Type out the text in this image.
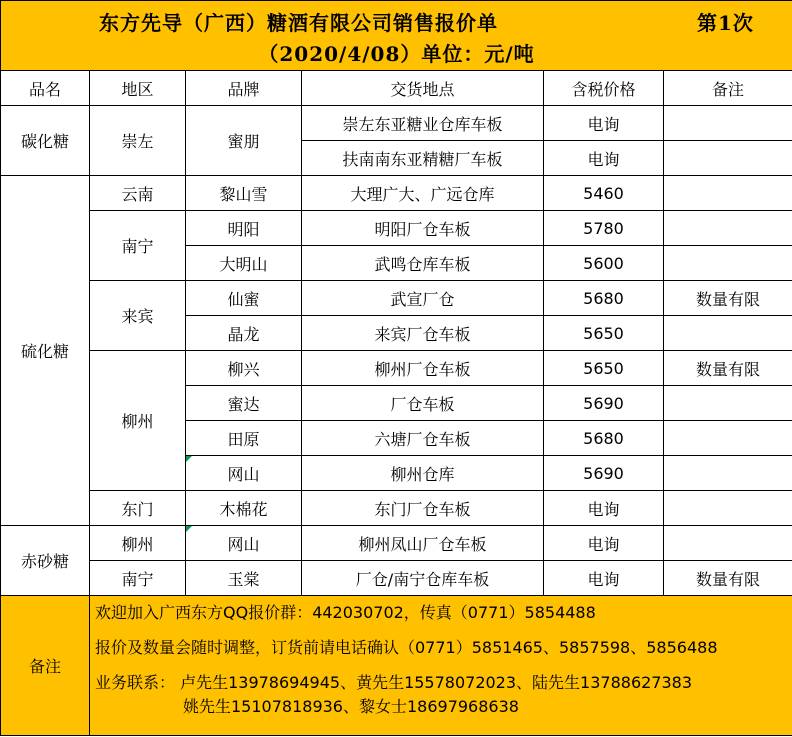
东方先导（广西）糖酒有限公司销售报价单 第1次					

（2020/4/08）单位：元/吨					
品名	地区	品牌	交货地点	含税价格	备注
碳化糖	崇左	蜜朋	崇左东亚糖业仓库车板	电询	
			扶南南东亚精糖厂车板	电询	
硫化糖	云南	黎山雪	大理广大、广远仓库	5460	
	南宁	明阳	明阳厂仓车板	5780	
		大明山	武鸣仓库车板	5600	
	来宾	仙蜜	武宣厂仓	5680	数量有限
		晶龙	来宾厂仓车板	5650	
	柳州	柳兴	柳州厂仓车板	5650	数量有限
		蜜达	厂仓车板	5690	
		田原	六塘厂仓车板	5680	
		网山	柳州仓库	5690	
	东门	木棉花	东门厂仓车板	电询	
赤砂糖	柳州	网山	柳州凤山厂仓车板	电询	
	南宁	玉棠	厂仓/南宁仓库车板	电询	数量有限
备注	欢迎加入广西东方QQ报价群：442030702，传真（0771）5854488
报价及数量会随时调整，订货前请电话确认（0771）5851465、5857598、5856488
业务联系： 卢先生13978694945、黄先生15578072023、陆先生13788627383
姚先生15107818936、黎女士18697968638				
